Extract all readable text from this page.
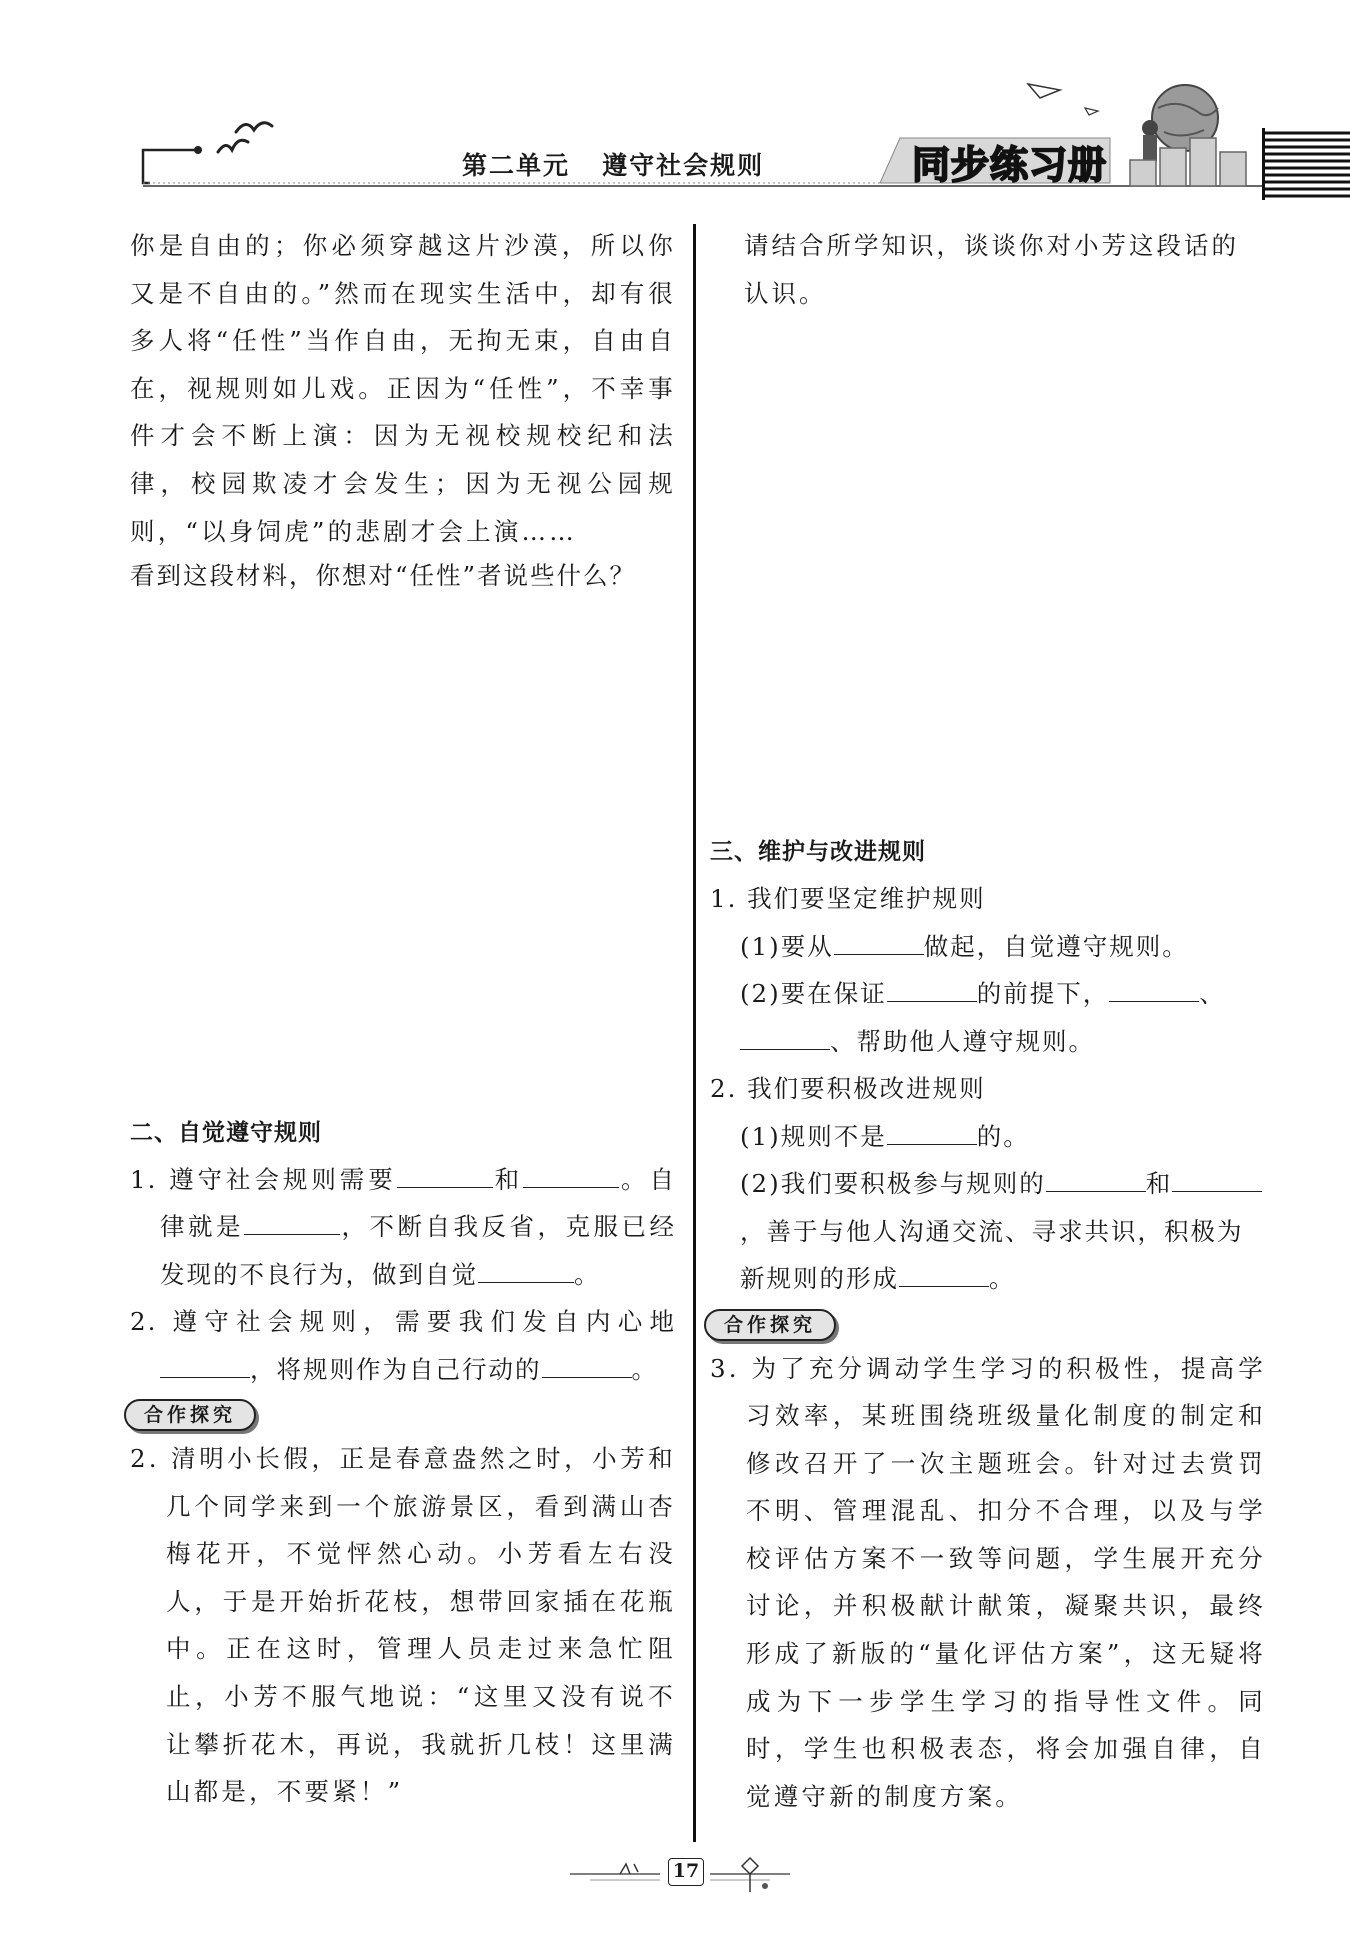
第二单元   遵守社会规则	同步练习册
你是自由的；你必须穿越这片沙漠，所以你又是不自由的。”然而在现实生活中，却有很多人将“任性”当作自由，无拘无束，自由自在，视规则如儿戏。正因为“任性”，不幸事件才会不断上演：因为无视校规校纪和法律，校园欺凌才会发生；因为无视公园规则，“以身饲虎”的悲剧才会上演……
看到这段材料，你想对“任性”者说些什么？
二、自觉遵守规则
1. 遵守社会规则需要	和	。自律就是	，不断自我反省，克服已经发现的不良行为，做到自觉	。
2. 遵守社会规则，需要我们发自内心地，将规则作为自己行动的	。
合作探究
2. 清明小长假，正是春意盎然之时，小芳和几个同学来到一个旅游景区，看到满山杏梅花开，不觉怦然心动。小芳看左右没人，于是开始折花枝，想带回家插在花瓶中。正在这时，管理人员走过来急忙阻止，小芳不服气地说：“这里又没有说不让攀折花木，再说，我就折几枝！这里满山都是，不要紧！”
请结合所学知识，谈谈你对小芳这段话的认识。
三、维护与改进规则
1. 我们要坚定维护规则
(1)要从	做起，自觉遵守规则。
(2)要在保证	的前提下，	、、帮助他人遵守规则。
2. 我们要积极改进规则
(1)规则不是	的。
(2)我们要积极参与规则的	和，善于与他人沟通交流、寻求共识，积极为新规则的形成	。
合作探究
3. 为了充分调动学生学习的积极性，提高学习效率，某班围绕班级量化制度的制定和修改召开了一次主题班会。针对过去赏罚不明、管理混乱、扣分不合理，以及与学校评估方案不一致等问题，学生展开充分讨论，并积极献计献策，凝聚共识，最终形成了新版的“量化评估方案”，这无疑将成为下一步学生学习的指导性文件。同时，学生也积极表态，将会加强自律，自觉遵守新的制度方案。
17
